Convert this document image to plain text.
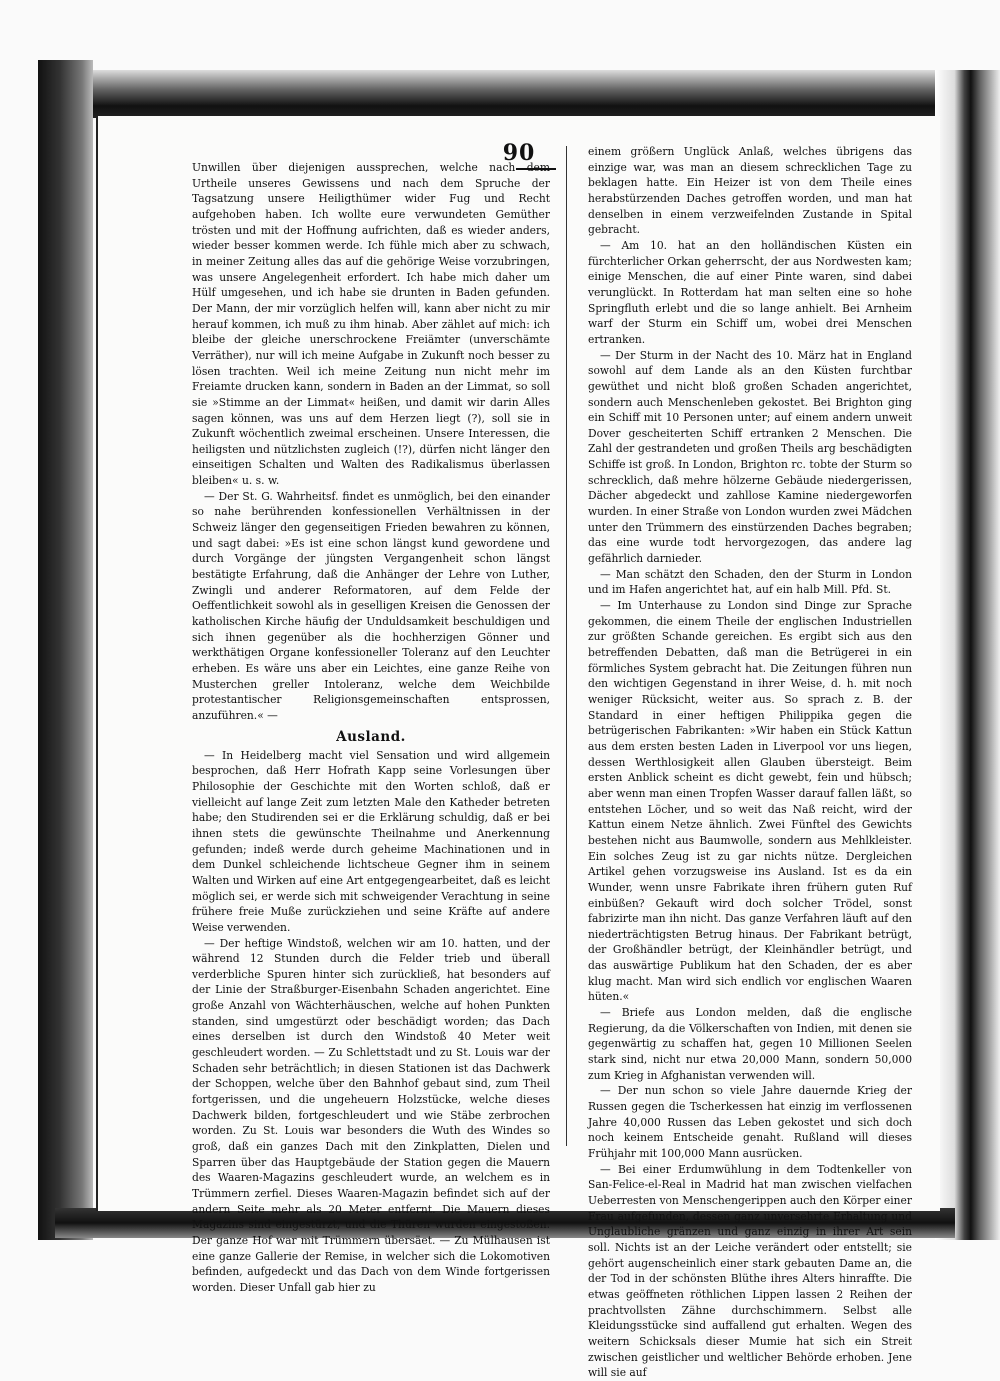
90

Unwillen über diejenigen aussprechen, welche nach dem Urtheile unseres Gewissens und nach dem Spruche der Tagsatzung unsere Heiligthümer wider Fug und Recht aufgehoben haben. Ich wollte eure verwundeten Gemüther trösten und mit der Hoffnung aufrichten, daß es wieder anders, wieder besser kommen werde. Ich fühle mich aber zu schwach, in meiner Zeitung alles das auf die gehörige Weise vorzubringen, was unsere Angelegenheit erfordert. Ich habe mich daher um Hülf umgesehen, und ich habe sie drunten in Baden gefunden. Der Mann, der mir vorzüglich helfen will, kann aber nicht zu mir herauf kommen, ich muß zu ihm hinab. Aber zählet auf mich: ich bleibe der gleiche unerschrockene Freiämter (unverschämte Verräther), nur will ich meine Aufgabe in Zukunft noch besser zu lösen trachten. Weil ich meine Zeitung nun nicht mehr im Freiamte drucken kann, sondern in Baden an der Limmat, so soll sie »Stimme an der Limmat« heißen, und damit wir darin Alles sagen können, was uns auf dem Herzen liegt (?), soll sie in Zukunft wöchentlich zweimal erscheinen. Unsere Interessen, die heiligsten und nützlichsten zugleich (!?), dürfen nicht länger den einseitigen Schalten und Walten des Radikalismus überlassen bleiben« u. s. w.

— Der St. G. Wahrheitsf. findet es unmöglich, bei den einander so nahe berührenden konfessionellen Verhältnissen in der Schweiz länger den gegenseitigen Frieden bewahren zu können, und sagt dabei: »Es ist eine schon längst kund gewordene und durch Vorgänge der jüngsten Vergangenheit schon längst bestätigte Erfahrung, daß die Anhänger der Lehre von Luther, Zwingli und anderer Reformatoren, auf dem Felde der Oeffentlichkeit sowohl als in geselligen Kreisen die Genossen der katholischen Kirche häufig der Unduldsamkeit beschuldigen und sich ihnen gegenüber als die hochherzigen Gönner und werkthätigen Organe konfessioneller Toleranz auf den Leuchter erheben. Es wäre uns aber ein Leichtes, eine ganze Reihe von Musterchen greller Intoleranz, welche dem Weichbilde protestantischer Religionsgemeinschaften entsprossen, anzuführen.« —

Ausland.

— In Heidelberg macht viel Sensation und wird allgemein besprochen, daß Herr Hofrath Kapp seine Vorlesungen über Philosophie der Geschichte mit den Worten schloß, daß er vielleicht auf lange Zeit zum letzten Male den Katheder betreten habe; den Studirenden sei er die Erklärung schuldig, daß er bei ihnen stets die gewünschte Theilnahme und Anerkennung gefunden; indeß werde durch geheime Machinationen und in dem Dunkel schleichende lichtscheue Gegner ihm in seinem Walten und Wirken auf eine Art entgegengearbeitet, daß es leicht möglich sei, er werde sich mit schweigender Verachtung in seine frühere freie Muße zurückziehen und seine Kräfte auf andere Weise verwenden.

— Der heftige Windstoß, welchen wir am 10. hatten, und der während 12 Stunden durch die Felder trieb und überall verderbliche Spuren hinter sich zurückließ, hat besonders auf der Linie der Straßburger-Eisenbahn Schaden angerichtet. Eine große Anzahl von Wächterhäuschen, welche auf hohen Punkten standen, sind umgestürzt oder beschädigt worden; das Dach eines derselben ist durch den Windstoß 40 Meter weit geschleudert worden. — Zu Schlettstadt und zu St. Louis war der Schaden sehr beträchtlich; in diesen Stationen ist das Dachwerk der Schoppen, welche über den Bahnhof gebaut sind, zum Theil fortgerissen, und die ungeheuern Holzstücke, welche dieses Dachwerk bilden, fortgeschleudert und wie Stäbe zerbrochen worden. Zu St. Louis war besonders die Wuth des Windes so groß, daß ein ganzes Dach mit den Zinkplatten, Dielen und Sparren über das Hauptgebäude der Station gegen die Mauern des Waaren-Magazins geschleudert wurde, an welchem es in Trümmern zerfiel. Dieses Waaren-Magazin befindet sich auf der andern Seite mehr als 20 Meter entfernt. Die Mauern dieses Magazins sind eingestürzt, und die Thüren wurden eingestoßen. Der ganze Hof war mit Trümmern übersäet. — Zu Mülhausen ist eine ganze Gallerie der Remise, in welcher sich die Lokomotiven befinden, aufgedeckt und das Dach von dem Winde fortgerissen worden. Dieser Unfall gab hier zu

einem größern Unglück Anlaß, welches übrigens das einzige war, was man an diesem schrecklichen Tage zu beklagen hatte. Ein Heizer ist von dem Theile eines herabstürzenden Daches getroffen worden, und man hat denselben in einem verzweifelnden Zustande in Spital gebracht.

— Am 10. hat an den holländischen Küsten ein fürchterlicher Orkan geherrscht, der aus Nordwesten kam; einige Menschen, die auf einer Pinte waren, sind dabei verunglückt. In Rotterdam hat man selten eine so hohe Springfluth erlebt und die so lange anhielt. Bei Arnheim warf der Sturm ein Schiff um, wobei drei Menschen ertranken.

— Der Sturm in der Nacht des 10. März hat in England sowohl auf dem Lande als an den Küsten furchtbar gewüthet und nicht bloß großen Schaden angerichtet, sondern auch Menschenleben gekostet. Bei Brighton ging ein Schiff mit 10 Personen unter; auf einem andern unweit Dover gescheiterten Schiff ertranken 2 Menschen. Die Zahl der gestrandeten und großen Theils arg beschädigten Schiffe ist groß. In London, Brighton rc. tobte der Sturm so schrecklich, daß mehre hölzerne Gebäude niedergerissen, Dächer abgedeckt und zahllose Kamine niedergeworfen wurden. In einer Straße von London wurden zwei Mädchen unter den Trümmern des einstürzenden Daches begraben; das eine wurde todt hervorgezogen, das andere lag gefährlich darnieder.

— Man schätzt den Schaden, den der Sturm in London und im Hafen angerichtet hat, auf ein halb Mill. Pfd. St.

— Im Unterhause zu London sind Dinge zur Sprache gekommen, die einem Theile der englischen Industriellen zur größten Schande gereichen. Es ergibt sich aus den betreffenden Debatten, daß man die Betrügerei in ein förmliches System gebracht hat. Die Zeitungen führen nun den wichtigen Gegenstand in ihrer Weise, d. h. mit noch weniger Rücksicht, weiter aus. So sprach z. B. der Standard in einer heftigen Philippika gegen die betrügerischen Fabrikanten: »Wir haben ein Stück Kattun aus dem ersten besten Laden in Liverpool vor uns liegen, dessen Werthlosigkeit allen Glauben übersteigt. Beim ersten Anblick scheint es dicht gewebt, fein und hübsch; aber wenn man einen Tropfen Wasser darauf fallen läßt, so entstehen Löcher, und so weit das Naß reicht, wird der Kattun einem Netze ähnlich. Zwei Fünftel des Gewichts bestehen nicht aus Baumwolle, sondern aus Mehlkleister. Ein solches Zeug ist zu gar nichts nütze. Dergleichen Artikel gehen vorzugsweise ins Ausland. Ist es da ein Wunder, wenn unsre Fabrikate ihren frühern guten Ruf einbüßen? Gekauft wird doch solcher Trödel, sonst fabrizirte man ihn nicht. Das ganze Verfahren läuft auf den niederträchtigsten Betrug hinaus. Der Fabrikant betrügt, der Großhändler betrügt, der Kleinhändler betrügt, und das auswärtige Publikum hat den Schaden, der es aber klug macht. Man wird sich endlich vor englischen Waaren hüten.«

— Briefe aus London melden, daß die englische Regierung, da die Völkerschaften von Indien, mit denen sie gegenwärtig zu schaffen hat, gegen 10 Millionen Seelen stark sind, nicht nur etwa 20,000 Mann, sondern 50,000 zum Krieg in Afghanistan verwenden will.

— Der nun schon so viele Jahre dauernde Krieg der Russen gegen die Tscherkessen hat einzig im verflossenen Jahre 40,000 Russen das Leben gekostet und sich doch noch keinem Entscheide genaht. Rußland will dieses Frühjahr mit 100,000 Mann ausrücken.

— Bei einer Erdumwühlung in dem Todtenkeller von San-Felice-el-Real in Madrid hat man zwischen vielfachen Ueberresten von Menschengerippen auch den Körper einer Frau aufgefunden, dessen ganz unversehrte Erhaltung und Unglaubliche gränzen und ganz einzig in ihrer Art sein soll. Nichts ist an der Leiche verändert oder entstellt; sie gehört augenscheinlich einer stark gebauten Dame an, die der Tod in der schönsten Blüthe ihres Alters hinraffte. Die etwas geöffneten röthlichen Lippen lassen 2 Reihen der prachtvollsten Zähne durchschimmern. Selbst alle Kleidungsstücke sind auffallend gut erhalten. Wegen des weitern Schicksals dieser Mumie hat sich ein Streit zwischen geistlicher und weltlicher Behörde erhoben. Jene will sie auf
